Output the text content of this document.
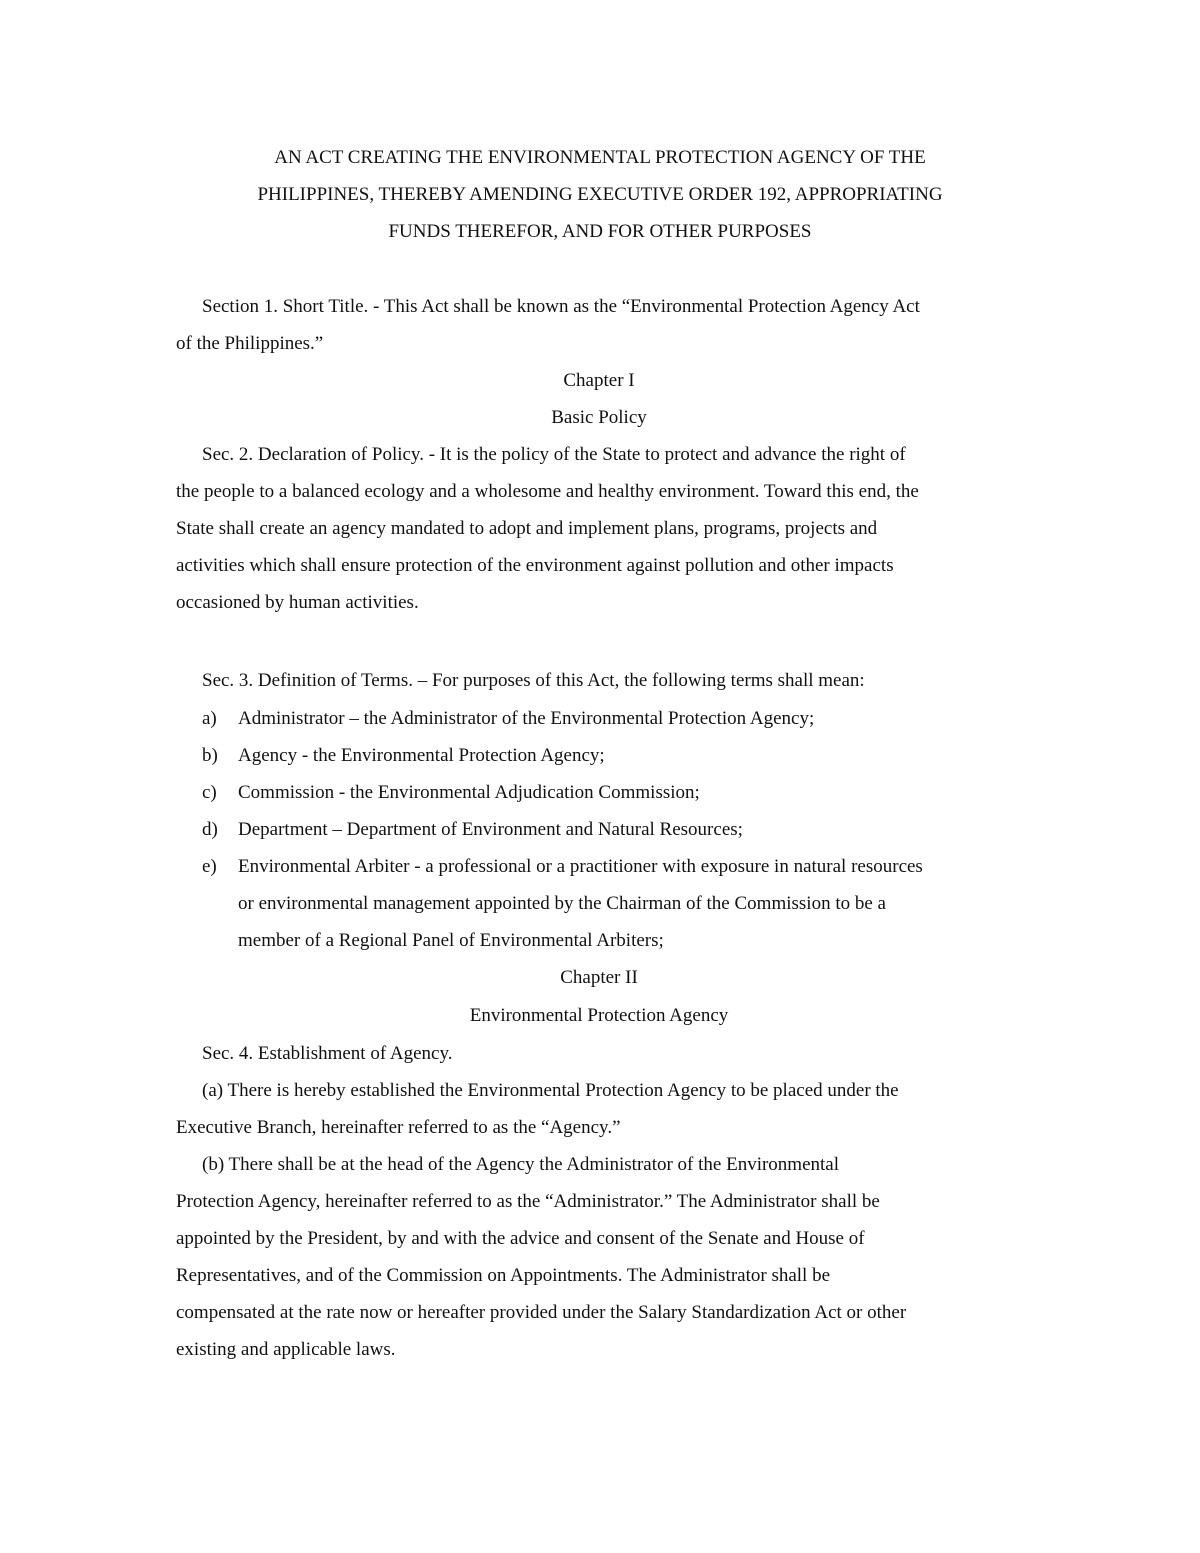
AN ACT CREATING THE ENVIRONMENTAL PROTECTION AGENCY OF THE
PHILIPPINES, THEREBY AMENDING EXECUTIVE ORDER 192, APPROPRIATING
FUNDS THEREFOR, AND FOR OTHER PURPOSES

Section 1. Short Title. - This Act shall be known as the “Environmental Protection Agency Act
of the Philippines.”

Chapter I

Basic Policy

Sec. 2. Declaration of Policy. - It is the policy of the State to protect and advance the right of
the people to a balanced ecology and a wholesome and healthy environment. Toward this end, the
State shall create an agency mandated to adopt and implement plans, programs, projects and
activities which shall ensure protection of the environment against pollution and other impacts
occasioned by human activities.

Sec. 3. Definition of Terms. – For purposes of this Act, the following terms shall mean:

a) Administrator – the Administrator of the Environmental Protection Agency;
b) Agency - the Environmental Protection Agency;
c) Commission - the Environmental Adjudication Commission;
d) Department – Department of Environment and Natural Resources;
e) Environmental Arbiter - a professional or a practitioner with exposure in natural resources
or environmental management appointed by the Chairman of the Commission to be a
member of a Regional Panel of Environmental Arbiters;

Chapter II

Environmental Protection Agency

Sec. 4. Establishment of Agency.

(a) There is hereby established the Environmental Protection Agency to be placed under the
Executive Branch, hereinafter referred to as the “Agency.”

(b) There shall be at the head of the Agency the Administrator of the Environmental
Protection Agency, hereinafter referred to as the “Administrator.” The Administrator shall be
appointed by the President, by and with the advice and consent of the Senate and House of
Representatives, and of the Commission on Appointments. The Administrator shall be
compensated at the rate now or hereafter provided under the Salary Standardization Act or other
existing and applicable laws.
